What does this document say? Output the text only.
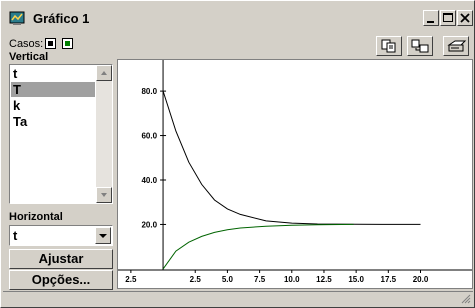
Gráfico 1
Casos:
Vertical
t
T
k
Ta
Horizontal
t
Ajustar
Opções...
80.0
60.0
40.0
20.0
2.5	2.5	5.0	7.5 10.0 12.5 15.0 17.5 20.0
